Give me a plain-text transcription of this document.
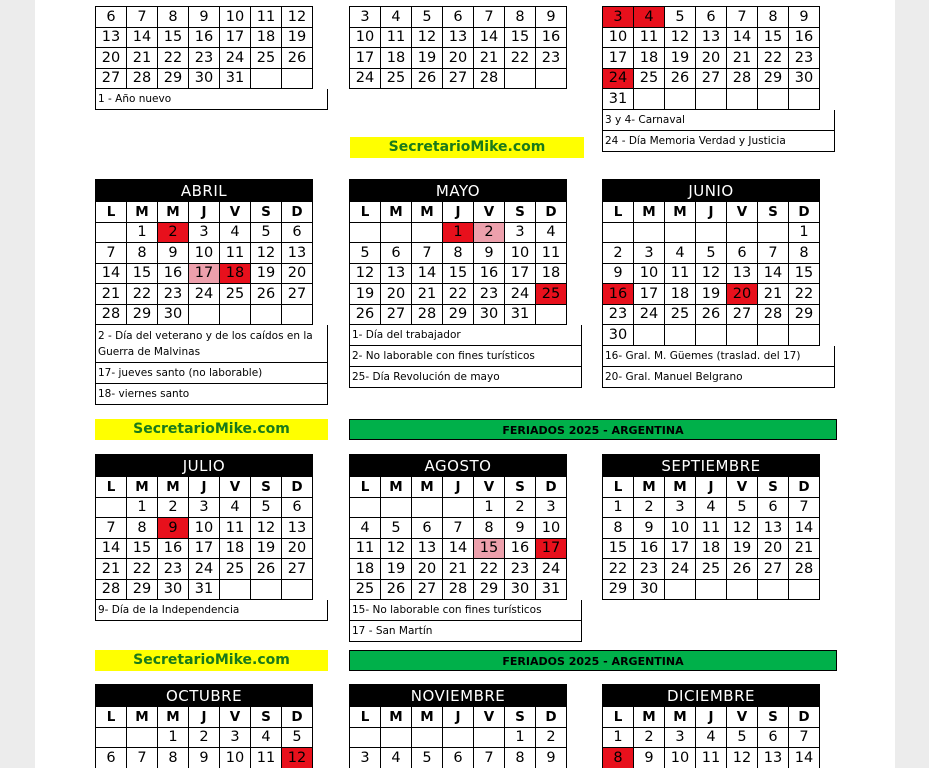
6	7	8	9	10	11	12
13	14	15	16	17	18	19
20	21	22	23	24	25	26
27	28	29	30	31		
1 - Año nuevo
3	4	5	6	7	8	9
10	11	12	13	14	15	16
17	18	19	20	21	22	23
24	25	26	27	28		
3	4	5	6	7	8	9
10	11	12	13	14	15	16
17	18	19	20	21	22	23
24	25	26	27	28	29	30
31						
3 y 4- Carnaval
24 - Día Memoria Verdad y Justicia
SecretarioMike.com
ABRIL						
L	M	M	J	V	S	D
	1	2	3	4	5	6
7	8	9	10	11	12	13
14	15	16	17	18	19	20
21	22	23	24	25	26	27
28	29	30				
2 - Día del veterano y de los caídos en la Guerra de Malvinas
17- jueves santo (no laborable)
18- viernes santo
MAYO						
L	M	M	J	V	S	D
			1	2	3	4
5	6	7	8	9	10	11
12	13	14	15	16	17	18
19	20	21	22	23	24	25
26	27	28	29	30	31	
1- Día del trabajador
2- No laborable con fines turísticos
25- Día Revolución de mayo
JUNIO						
L	M	M	J	V	S	D
						1
2	3	4	5	6	7	8
9	10	11	12	13	14	15
16	17	18	19	20	21	22
23	24	25	26	27	28	29
30						
16- Gral. M. Güemes (traslad. del 17)
20- Gral. Manuel Belgrano
SecretarioMike.com	FERIADOS 2025 - ARGENTINA
JULIO						
L	M	M	J	V	S	D
	1	2	3	4	5	6
7	8	9	10	11	12	13
14	15	16	17	18	19	20
21	22	23	24	25	26	27
28	29	30	31			
9- Día de la Independencia
AGOSTO						
L	M	M	J	V	S	D
				1	2	3
4	5	6	7	8	9	10
11	12	13	14	15	16	17
18	19	20	21	22	23	24
25	26	27	28	29	30	31
15- No laborable con fines turísticos
17 - San Martín
SEPTIEMBRE						
L	M	M	J	V	S	D
1	2	3	4	5	6	7
8	9	10	11	12	13	14
15	16	17	18	19	20	21
22	23	24	25	26	27	28
29	30					
SecretarioMike.com	FERIADOS 2025 - ARGENTINA
OCTUBRE						
L	M	M	J	V	S	D
		1	2	3	4	5
6	7	8	9	10	11	12
NOVIEMBRE						
L	M	M	J	V	S	D
					1	2
3	4	5	6	7	8	9
DICIEMBRE						
L	M	M	J	V	S	D
1	2	3	4	5	6	7
8	9	10	11	12	13	14
